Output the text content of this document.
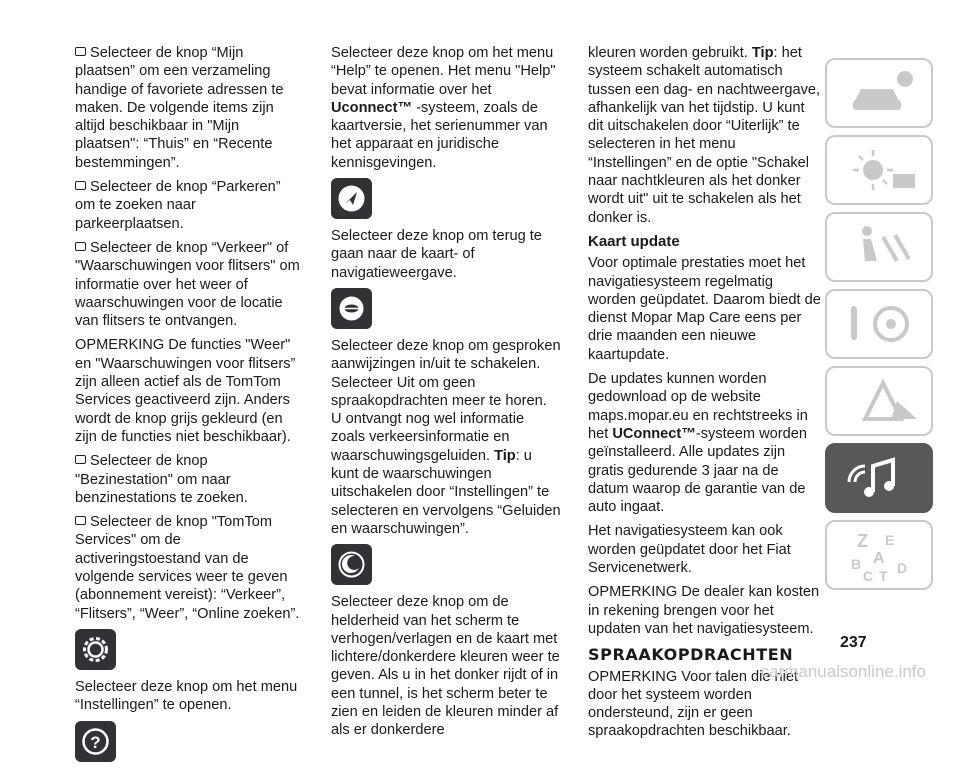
Selecteer de knop “Mijn plaatsen” om een verzameling handige of favoriete adressen te maken. De volgende items zijn altijd beschikbaar in "Mijn plaatsen": “Thuis” en “Recente bestemmingen”.

Selecteer de knop “Parkeren” om te zoeken naar parkeerplaatsen.

Selecteer de knop “Verkeer" of "Waarschuwingen voor flitsers" om informatie over het weer of waarschuwingen voor de locatie van flitsers te ontvangen.

OPMERKING De functies "Weer" en "Waarschuwingen voor flitsers” zijn alleen actief als de TomTom Services geactiveerd zijn. Anders wordt de knop grijs gekleurd (en zijn de functies niet beschikbaar).

Selecteer de knop "Bezinestation" om naar benzinestations te zoeken.

Selecteer de knop "TomTom Services" om de activeringstoestand van de volgende services weer te geven (abonnement vereist): “Verkeer”, “Flitsers”, “Weer”, “Online zoeken”.

Selecteer deze knop om het menu “Instellingen” te openen.

?

Selecteer deze knop om het menu “Help” te openen. Het menu "Help" bevat informatie over het Uconnect™ -systeem, zoals de kaartversie, het serienummer van het apparaat en juridische kennisgevingen.

Selecteer deze knop om terug te gaan naar de kaart- of navigatieweergave.

Selecteer deze knop om gesproken aanwijzingen in/uit te schakelen. Selecteer Uit om geen spraakopdrachten meer te horen. U ontvangt nog wel informatie zoals verkeersinformatie en waarschuwingsgeluiden. Tip: u kunt de waarschuwingen uitschakelen door “Instellingen” te selecteren en vervolgens “Geluiden en waarschuwingen”.

Selecteer deze knop om de helderheid van het scherm te verhogen/verlagen en de kaart met lichtere/donkerdere kleuren weer te geven. Als u in het donker rijdt of in een tunnel, is het scherm beter te zien en leiden de kleuren minder af als er donkerdere

kleuren worden gebruikt. Tip: het systeem schakelt automatisch tussen een dag- en nachtweergave, afhankelijk van het tijdstip. U kunt dit uitschakelen door “Uiterlijk” te selecteren in het menu “Instellingen” en de optie "Schakel naar nachtkleuren als het donker wordt uit" uit te schakelen als het donker is.

Kaart update

Voor optimale prestaties moet het navigatiesysteem regelmatig worden geüpdatet. Daarom biedt de dienst Mopar Map Care eens per drie maanden een nieuwe kaartupdate.

De updates kunnen worden gedownload op de website maps.mopar.eu en rechtstreeks in het UConnect™-systeem worden geïnstalleerd. Alle updates zijn gratis gedurende 3 jaar na de datum waarop de garantie van de auto ingaat.

Het navigatiesysteem kan ook worden geüpdatet door het Fiat Servicenetwerk.

OPMERKING De dealer kan kosten in rekening brengen voor het updaten van het navigatiesysteem.

SPRAAKOPDRACHTEN

OPMERKING Voor talen die niet door het systeem worden ondersteund, zijn er geen spraakopdrachten beschikbaar.

Z E
B A
C T D
237
carmanualsonline.info
